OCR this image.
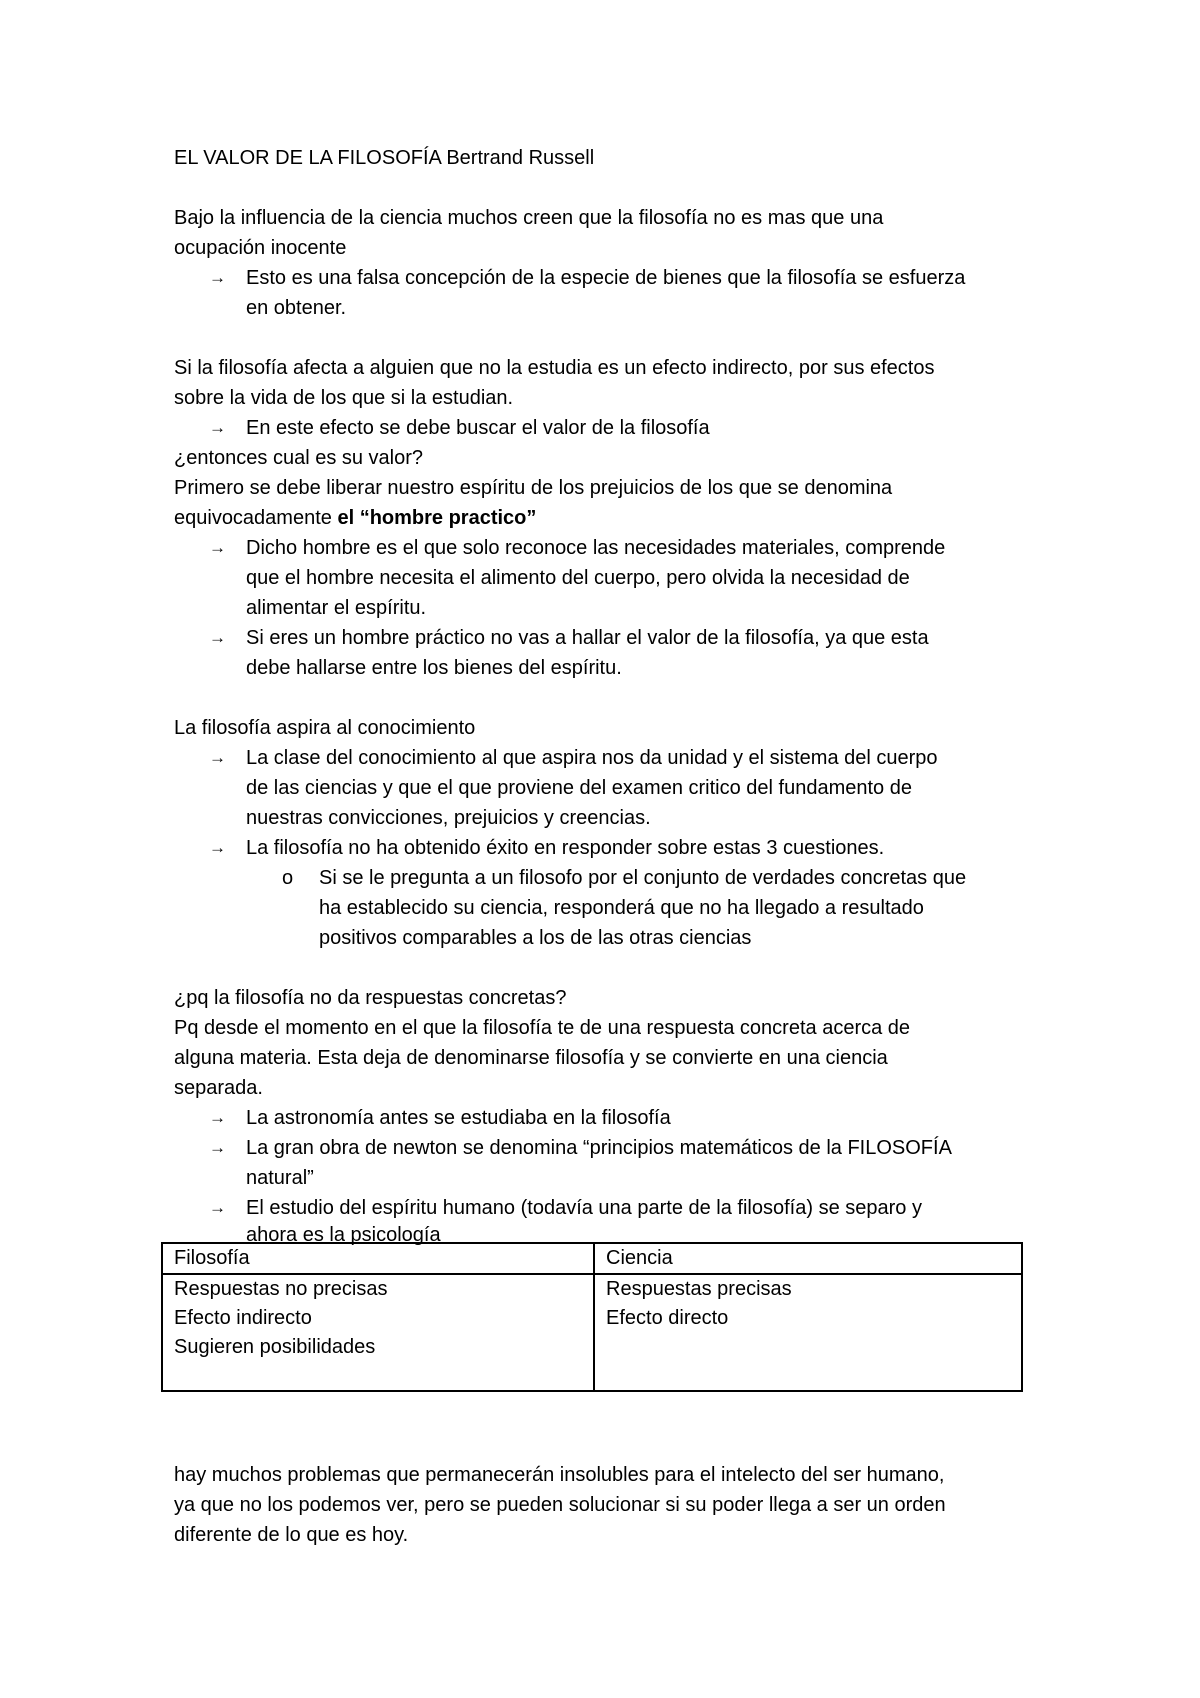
EL VALOR DE LA FILOSOFÍA Bertrand Russell
Bajo la influencia de la ciencia muchos creen que la filosofía no es mas que una
ocupación inocente
→ Esto es una falsa concepción de la especie de bienes que la filosofía se esfuerza
en obtener.
Si la filosofía afecta a alguien que no la estudia es un efecto indirecto, por sus efectos
sobre la vida de los que si la estudian.
→ En este efecto se debe buscar el valor de la filosofía
¿entonces cual es su valor?
Primero se debe liberar nuestro espíritu de los prejuicios de los que se denomina
equivocadamente el “hombre practico”
→ Dicho hombre es el que solo reconoce las necesidades materiales, comprende
que el hombre necesita el alimento del cuerpo, pero olvida la necesidad de
alimentar el espíritu.
→ Si eres un hombre práctico no vas a hallar el valor de la filosofía, ya que esta
debe hallarse entre los bienes del espíritu.
La filosofía aspira al conocimiento
→ La clase del conocimiento al que aspira nos da unidad y el sistema del cuerpo
de las ciencias y que el que proviene del examen critico del fundamento de
nuestras convicciones, prejuicios y creencias.
→ La filosofía no ha obtenido éxito en responder sobre estas 3 cuestiones.
o Si se le pregunta a un filosofo por el conjunto de verdades concretas que
ha establecido su ciencia, responderá que no ha llegado a resultado
positivos comparables a los de las otras ciencias
¿pq la filosofía no da respuestas concretas?
Pq desde el momento en el que la filosofía te de una respuesta concreta acerca de
alguna materia. Esta deja de denominarse filosofía y se convierte en una ciencia
separada.
→ La astronomía antes se estudiaba en la filosofía
→ La gran obra de newton se denomina “principios matemáticos de la FILOSOFÍA
natural”
→ El estudio del espíritu humano (todavía una parte de la filosofía) se separo y
ahora es la psicología
Filosofía	Ciencia
Respuestas no precisas
Efecto indirecto
Sugieren posibilidades
Respuestas precisas
Efecto directo
hay muchos problemas que permanecerán insolubles para el intelecto del ser humano,
ya que no los podemos ver, pero se pueden solucionar si su poder llega a ser un orden
diferente de lo que es hoy.
